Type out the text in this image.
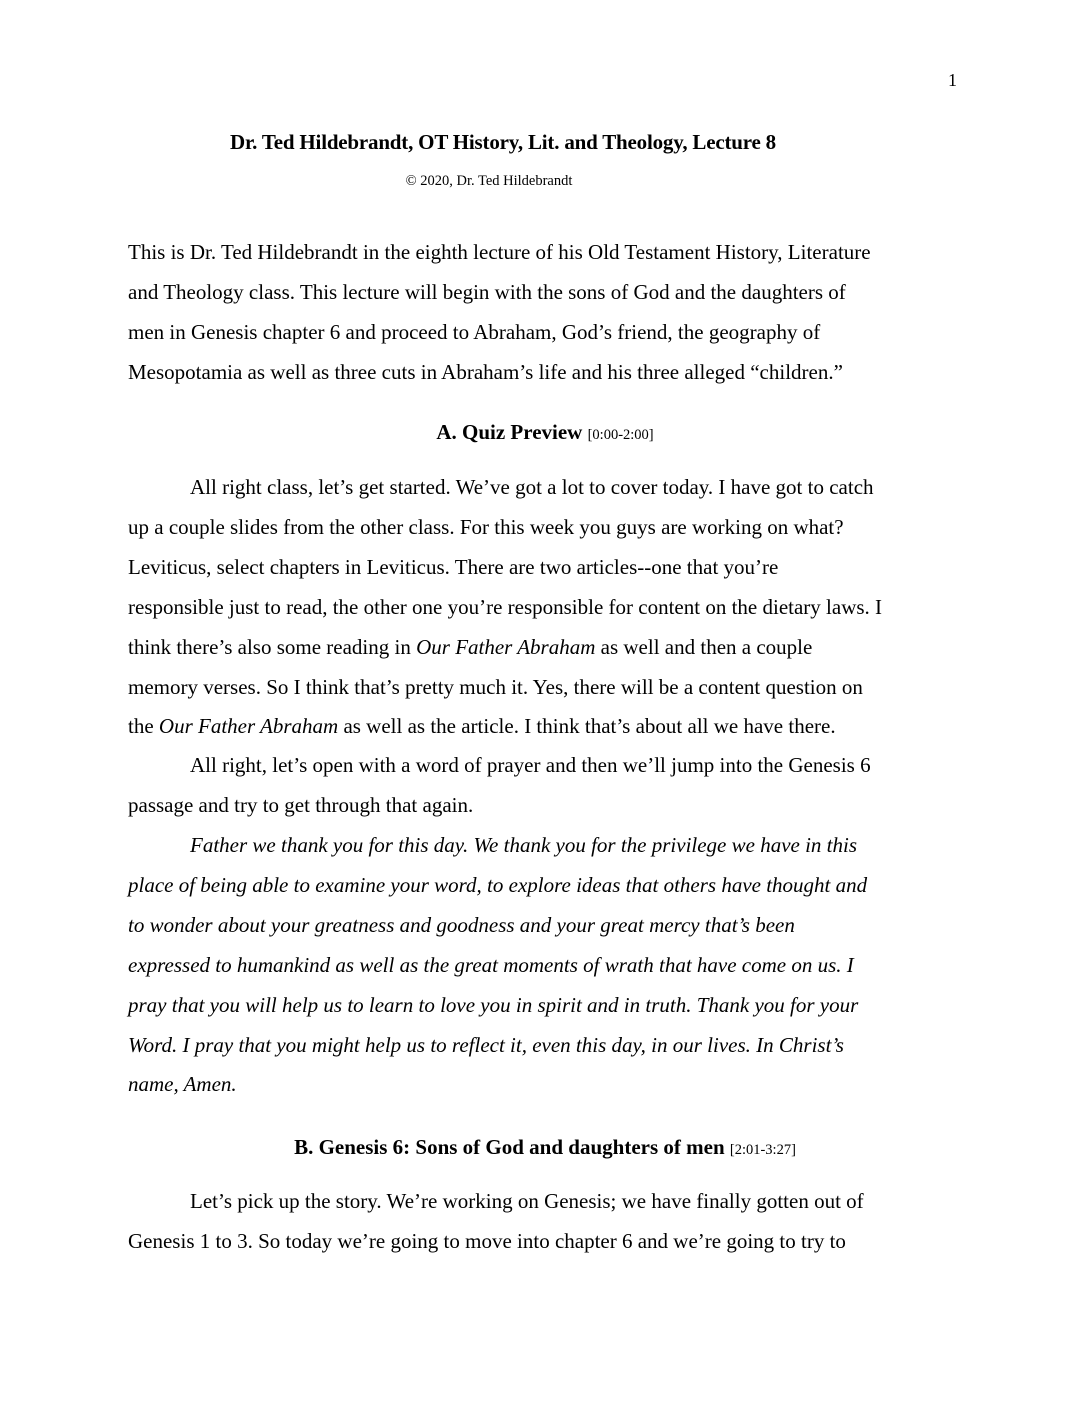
1
Dr. Ted Hildebrandt, OT History, Lit. and Theology, Lecture 8
© 2020, Dr. Ted Hildebrandt

This is Dr. Ted Hildebrandt in the eighth lecture of his Old Testament History, Literature
and Theology class. This lecture will begin with the sons of God and the daughters of
men in Genesis chapter 6 and proceed to Abraham, God’s friend, the geography of
Mesopotamia as well as three cuts in Abraham’s life and his three alleged “children.”

A. Quiz Preview [0:00-2:00]

All right class, let’s get started. We’ve got a lot to cover today. I have got to catch
up a couple slides from the other class. For this week you guys are working on what?
Leviticus, select chapters in Leviticus. There are two articles--one that you’re
responsible just to read, the other one you’re responsible for content on the dietary laws. I
think there’s also some reading in Our Father Abraham as well and then a couple
memory verses. So I think that’s pretty much it. Yes, there will be a content question on
the Our Father Abraham as well as the article. I think that’s about all we have there.

All right, let’s open with a word of prayer and then we’ll jump into the Genesis 6
passage and try to get through that again.

Father we thank you for this day. We thank you for the privilege we have in this
place of being able to examine your word, to explore ideas that others have thought and
to wonder about your greatness and goodness and your great mercy that’s been
expressed to humankind as well as the great moments of wrath that have come on us. I
pray that you will help us to learn to love you in spirit and in truth. Thank you for your
Word. I pray that you might help us to reflect it, even this day, in our lives. In Christ’s
name, Amen.

B. Genesis 6: Sons of God and daughters of men [2:01-3:27]

Let’s pick up the story. We’re working on Genesis; we have finally gotten out of
Genesis 1 to 3. So today we’re going to move into chapter 6 and we’re going to try to
